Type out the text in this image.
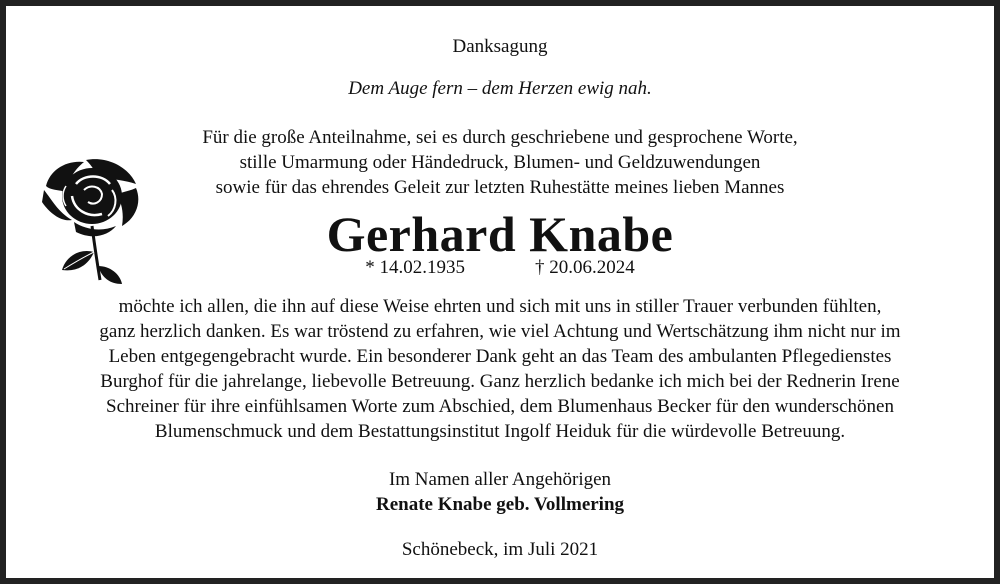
Danksagung
Dem Auge fern – dem Herzen ewig nah.
Für die große Anteilnahme, sei es durch geschriebene und gesprochene Worte,
stille Umarmung oder Händedruck, Blumen- und Geldzuwendungen
sowie für das ehrendes Geleit zur letzten Ruhestätte meines lieben Mannes
Gerhard Knabe
* 14.02.1935	† 20.06.2024
möchte ich allen, die ihn auf diese Weise ehrten und sich mit uns in stiller Trauer verbunden fühlten,
ganz herzlich danken. Es war tröstend zu erfahren, wie viel Achtung und Wertschätzung ihm nicht nur im
Leben entgegengebracht wurde. Ein besonderer Dank geht an das Team des ambulanten Pflegedienstes
Burghof für die jahrelange, liebevolle Betreuung. Ganz herzlich bedanke ich mich bei der Rednerin Irene
Schreiner für ihre einfühlsamen Worte zum Abschied, dem Blumenhaus Becker für den wunderschönen
Blumenschmuck und dem Bestattungsinstitut Ingolf Heiduk für die würdevolle Betreuung.
Im Namen aller Angehörigen
Renate Knabe geb. Vollmering
Schönebeck, im Juli 2021
